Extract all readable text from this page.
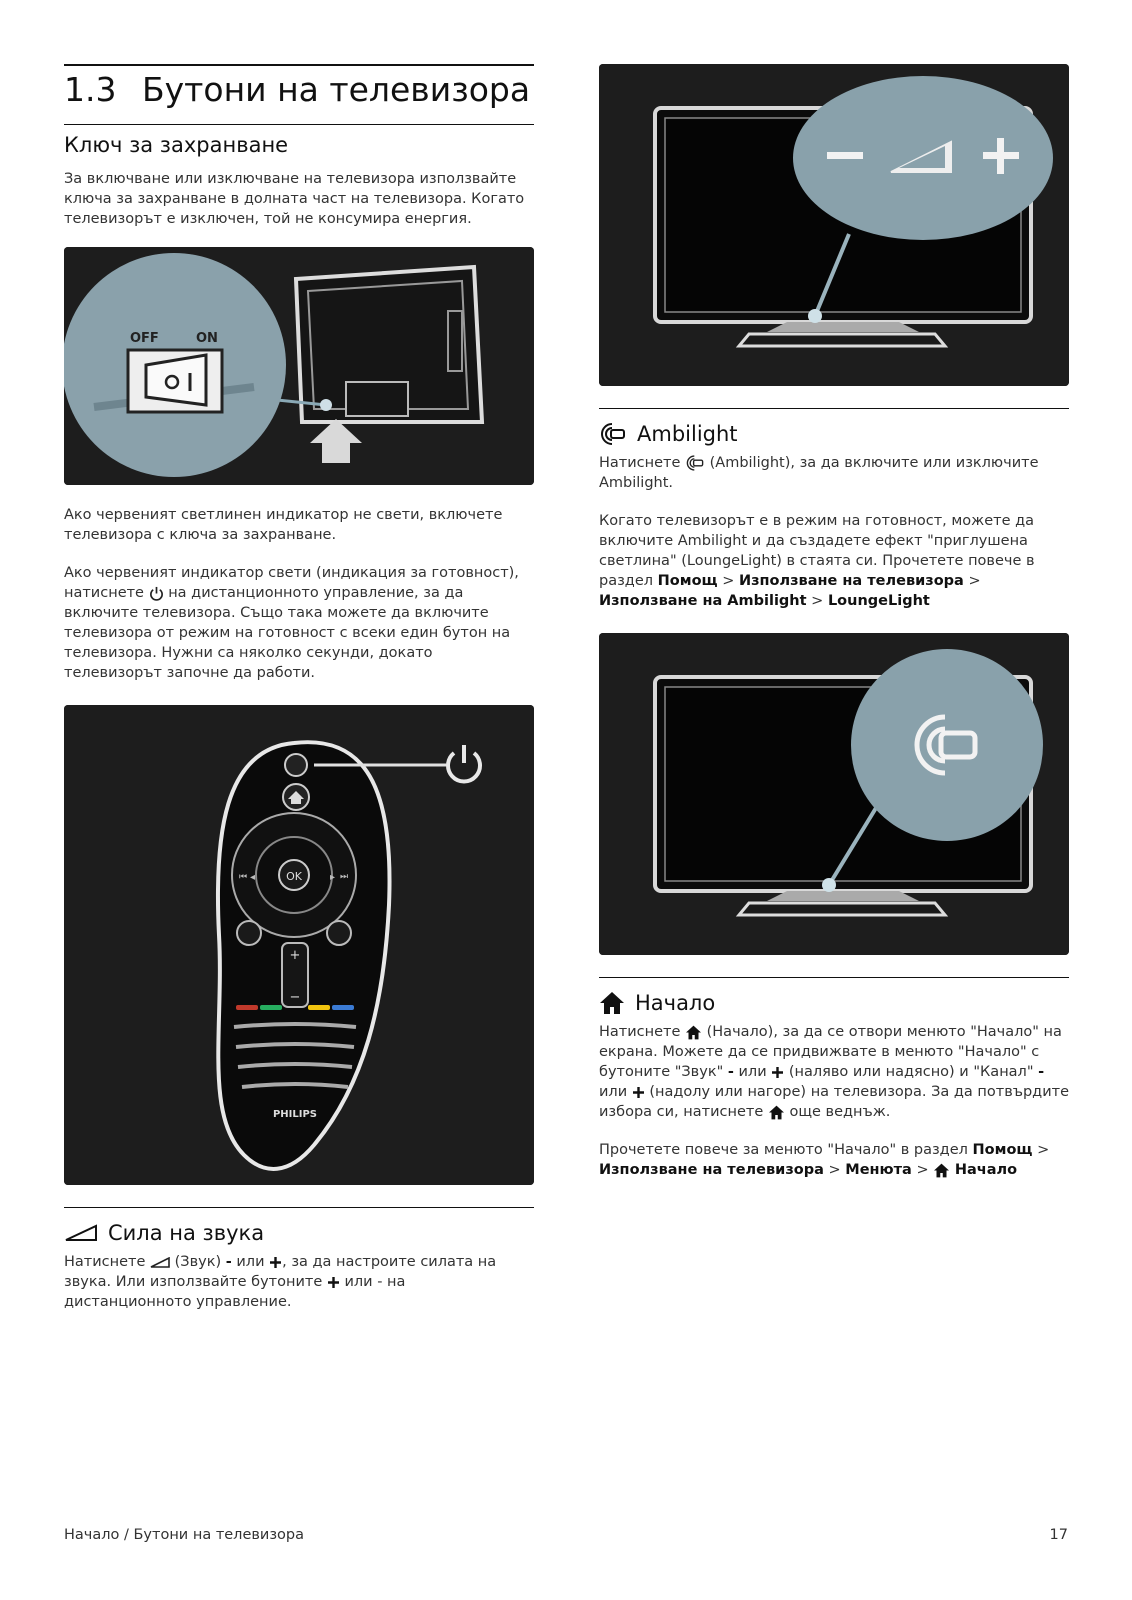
1.3 Бутони на телевизора
Ключ за захранване

За включване или изключване на телевизора използвайте ключа за захранване в долната част на телевизора. Когато телевизорът е изключен, той не консумира енергия.

OFF	ON

Ако червеният светлинен индикатор не свети, включете телевизора с ключа за захранване.

Ако червеният индикатор свети (индикация за готовност), натиснете на дистанционното управление, за да включите телевизора. Също така можете да включите телевизора от режим на готовност с всеки един бутон на телевизора. Нужни са няколко секунди, докато телевизорът започне да работи.

OK
◂	▸
⏮	⏭
+
−
PHILIPS
Сила на звука

Натиснете (Звук) - или , за да настроите силата на звука. Или използвайте бутоните или - на дистанционното управление.

Ambilight

Натиснете (Ambilight), за да включите или изключите Ambilight.

Когато телевизорът е в режим на готовност, можете да включите Ambilight и да създадете ефект "приглушена светлина" (LoungeLight) в стаята си. Прочетете повече в раздел Помощ > Използване на телевизора > Използване на Ambilight > LoungeLight

Начало

Натиснете (Начало), за да се отвори менюто "Начало" на екрана. Можете да се придвижвате в менюто "Начало" с бутоните "Звук" - или (наляво или надясно) и "Канал" - или (надолу или нагоре) на телевизора. За да потвърдите избора си, натиснете още веднъж.

Прочетете повече за менюто "Начало" в раздел Помощ > Използване на телевизора > Менюта > Начало

Начало / Бутони на телевизора	17
